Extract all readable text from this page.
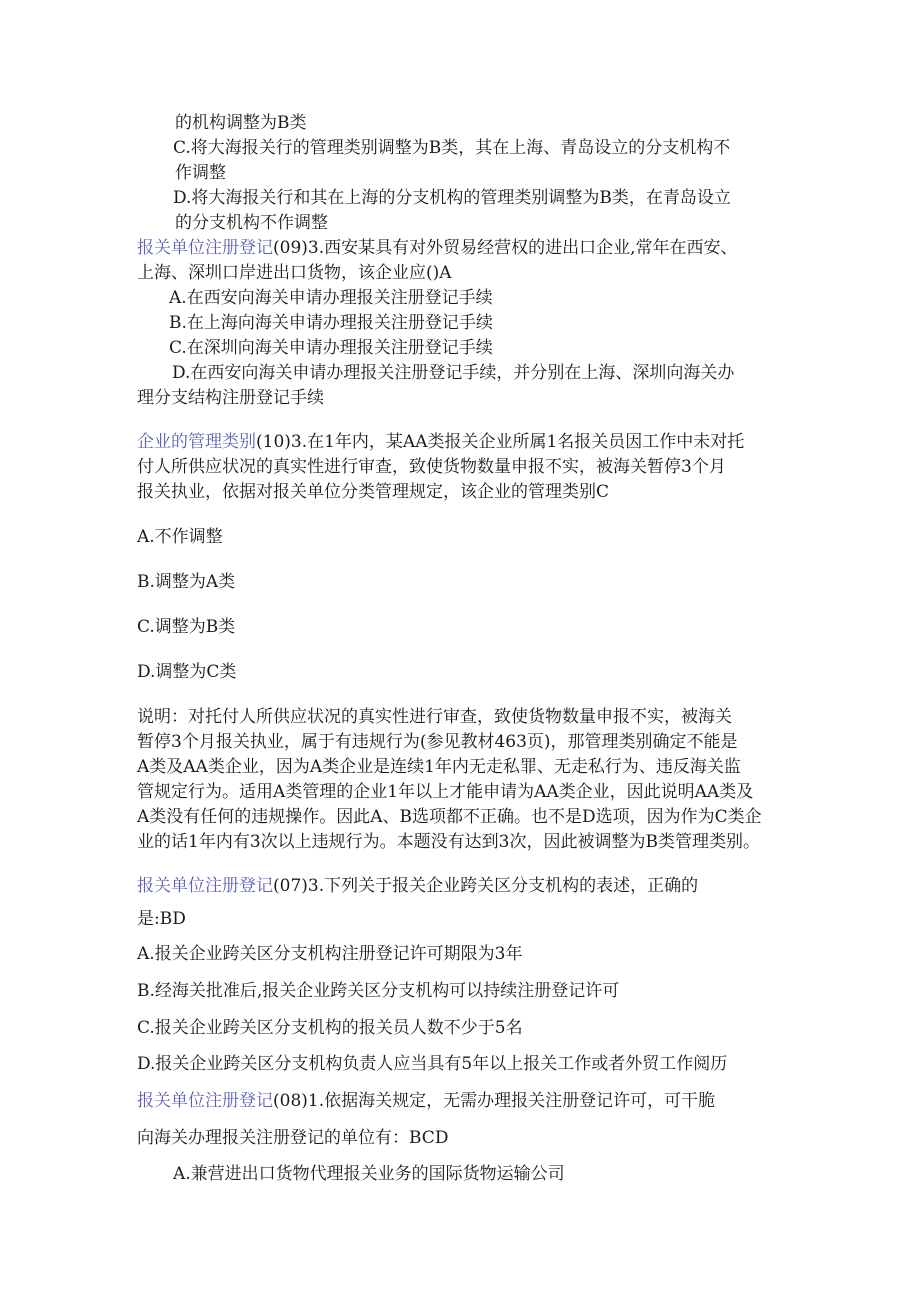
的机构调整为B类
C.将大海报关行的管理类别调整为B类，其在上海、青岛设立的分支机构不
作调整
D.将大海报关行和其在上海的分支机构的管理类别调整为B类，在青岛设立
的分支机构不作调整
报关单位注册登记(09)3.西安某具有对外贸易经营权的进出口企业,常年在西安、
上海、深圳口岸进出口货物，该企业应()A
A.在西安向海关申请办理报关注册登记手续
B.在上海向海关申请办理报关注册登记手续
C.在深圳向海关申请办理报关注册登记手续
D.在西安向海关申请办理报关注册登记手续，并分别在上海、深圳向海关办
理分支结构注册登记手续
企业的管理类别(10)3.在1年内，某AA类报关企业所属1名报关员因工作中未对托
付人所供应状况的真实性进行审查，致使货物数量申报不实，被海关暂停3个月
报关执业，依据对报关单位分类管理规定，该企业的管理类别C
A.不作调整
B.调整为A类
C.调整为B类
D.调整为C类
说明：对托付人所供应状况的真实性进行审查，致使货物数量申报不实，被海关
暂停3个月报关执业，属于有违规行为(参见教材463页)，那管理类别确定不能是
A类及AA类企业，因为A类企业是连续1年内无走私罪、无走私行为、违反海关监
管规定行为。适用A类管理的企业1年以上才能申请为AA类企业，因此说明AA类及
A类没有任何的违规操作。因此A、B选项都不正确。也不是D选项，因为作为C类企
业的话1年内有3次以上违规行为。本题没有达到3次，因此被调整为B类管理类别。
报关单位注册登记(07)3.下列关于报关企业跨关区分支机构的表述，正确的
是:BD
A.报关企业跨关区分支机构注册登记许可期限为3年
B.经海关批准后,报关企业跨关区分支机构可以持续注册登记许可
C.报关企业跨关区分支机构的报关员人数不少于5名
D.报关企业跨关区分支机构负责人应当具有5年以上报关工作或者外贸工作阅历
报关单位注册登记(08)1.依据海关规定，无需办理报关注册登记许可，可干脆
向海关办理报关注册登记的单位有：BCD
A.兼营进出口货物代理报关业务的国际货物运输公司
